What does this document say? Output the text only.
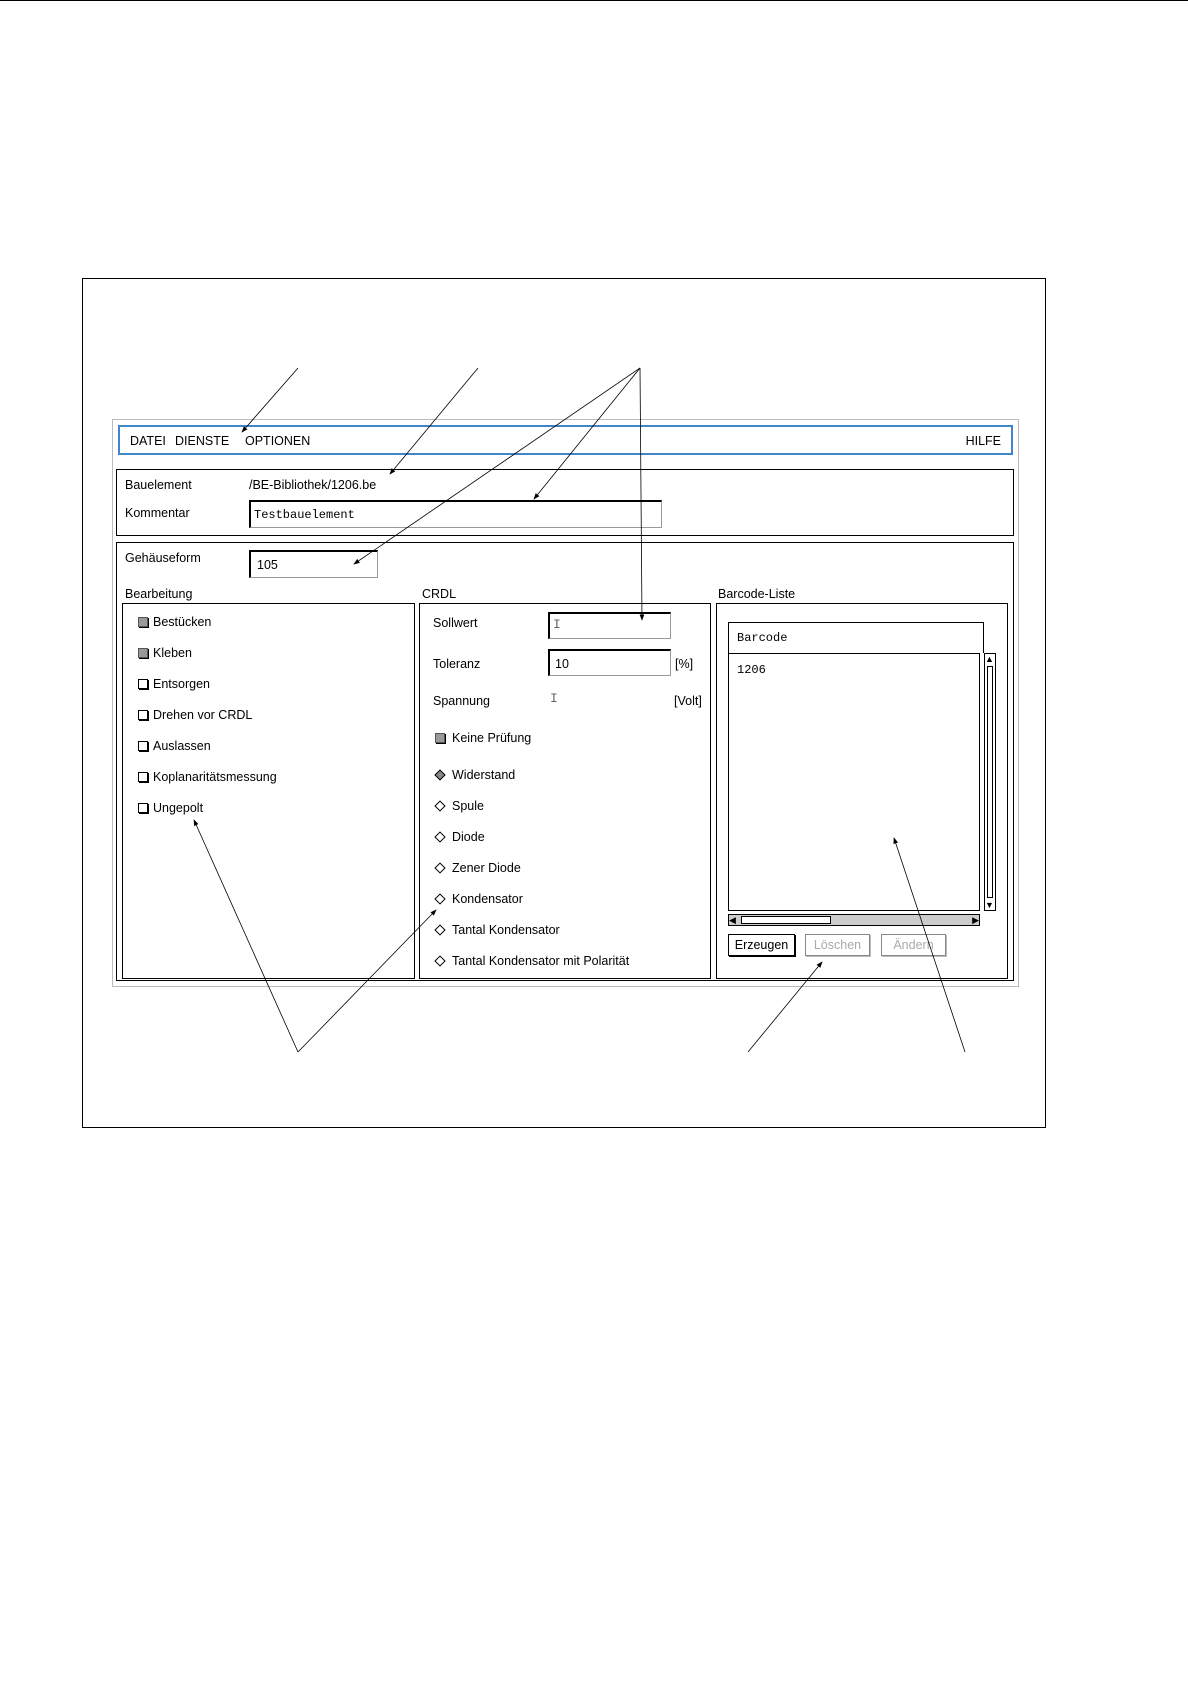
DATEI DIENSTE OPTIONEN	HILFE
Bauelement	/BE-Bibliothek/1206.be
Kommentar	Testbauelement
Gehäuseform	105
Bearbeitung	CRDL	Barcode-Liste
Bestücken
Kleben
Entsorgen
Drehen vor CRDL
Auslassen
Koplanaritätsmessung
Ungepolt
Sollwert	I
Toleranz	10	[%]
Spannung	I	[Volt]
Keine Prüfung
Widerstand
Spule
Diode
Zener Diode
Kondensator
Tantal Kondensator
Tantal Kondensator mit Polarität
Barcode
1206
▲
▼
◀	▶
Erzeugen	Löschen	Ändern
